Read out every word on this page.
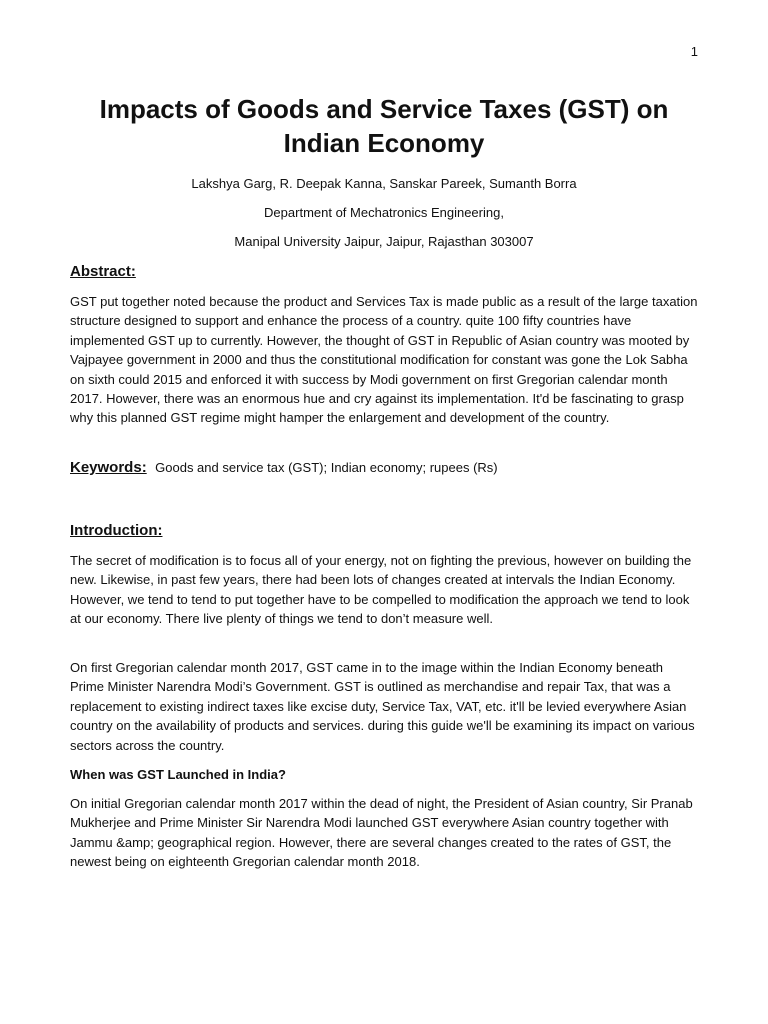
1
Impacts of Goods and Service Taxes (GST) on Indian Economy
Lakshya Garg, R. Deepak Kanna, Sanskar Pareek, Sumanth Borra
Department of Mechatronics Engineering,
Manipal University Jaipur, Jaipur, Rajasthan 303007
Abstract:

GST put together noted because the product and Services Tax is made public as a result of the large taxation structure designed to support and enhance the process of a country. quite 100 fifty countries have implemented GST up to currently. However, the thought of GST in Republic of Asian country was mooted by Vajpayee government in 2000 and thus the constitutional modification for constant was gone the Lok Sabha on sixth could 2015 and enforced it with success by Modi government on first Gregorian calendar month 2017. However, there was an enormous hue and cry against its implementation. It'd be fascinating to grasp why this planned GST regime might hamper the enlargement and development of the country.

Keywords: Goods and service tax (GST); Indian economy; rupees (Rs)
Introduction:

The secret of modification is to focus all of your energy, not on fighting the previous, however on building the new. Likewise, in past few years, there had been lots of changes created at intervals the Indian Economy. However, we tend to tend to put together have to be compelled to modification the approach we tend to look at our economy. There live plenty of things we tend to don’t measure well.

On first Gregorian calendar month 2017, GST came in to the image within the Indian Economy beneath Prime Minister Narendra Modi’s Government. GST is outlined as merchandise and repair Tax, that was a replacement to existing indirect taxes like excise duty, Service Tax, VAT, etc. it'll be levied everywhere Asian country on the availability of products and services. during this guide we'll be examining its impact on various sectors across the country.

When was GST Launched in India?

On initial Gregorian calendar month 2017 within the dead of night, the President of Asian country, Sir Pranab Mukherjee and Prime Minister Sir Narendra Modi launched GST everywhere Asian country together with Jammu &amp; geographical region. However, there are several changes created to the rates of GST, the newest being on eighteenth Gregorian calendar month 2018.
